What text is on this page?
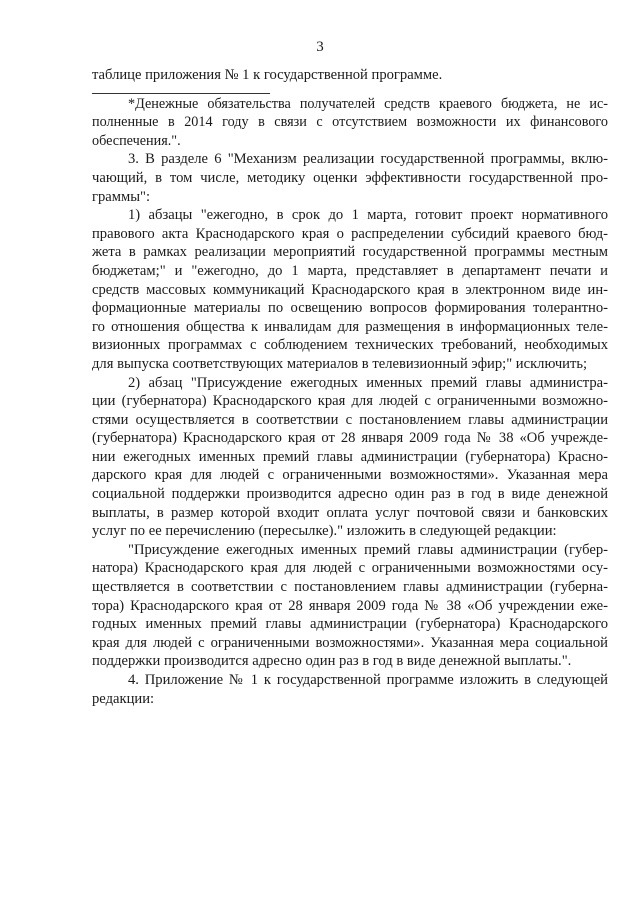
3
таблице приложения № 1 к государственной программе.
*Денежные обязательства получателей средств краевого бюджета, не ис-
полненные в 2014 году в связи с отсутствием возможности их финансового
обеспечения.".
3. В разделе 6 "Механизм реализации государственной программы, вклю-
чающий, в том числе, методику оценки эффективности государственной про-
граммы":
1) абзацы "ежегодно, в срок до 1 марта, готовит проект нормативного
правового акта Краснодарского края о распределении субсидий краевого бюд-
жета в рамках реализации мероприятий государственной программы местным
бюджетам;" и "ежегодно, до 1 марта, представляет в департамент печати и
средств массовых коммуникаций Краснодарского края в электронном виде ин-
формационные материалы по освещению вопросов формирования толерантно-
го отношения общества к инвалидам для размещения в информационных теле-
визионных программах с соблюдением технических требований, необходимых
для выпуска соответствующих материалов в телевизионный эфир;" исключить;
2) абзац "Присуждение ежегодных именных премий главы администра-
ции (губернатора) Краснодарского края для людей с ограниченными возможно-
стями осуществляется в соответствии с постановлением главы администрации
(губернатора) Краснодарского края от 28 января 2009 года № 38 «Об учрежде-
нии ежегодных именных премий главы администрации (губернатора) Красно-
дарского края для людей с ограниченными возможностями». Указанная мера
социальной поддержки производится адресно один раз в год в виде денежной
выплаты, в размер которой входит оплата услуг почтовой связи и банковских
услуг по ее перечислению (пересылке)." изложить в следующей редакции:
"Присуждение ежегодных именных премий главы администрации (губер-
натора) Краснодарского края для людей с ограниченными возможностями осу-
ществляется в соответствии с постановлением главы администрации (губерна-
тора) Краснодарского края от 28 января 2009 года № 38 «Об учреждении еже-
годных именных премий главы администрации (губернатора) Краснодарского
края для людей с ограниченными возможностями». Указанная мера социальной
поддержки производится адресно один раз в год в виде денежной выплаты.".
4. Приложение № 1 к государственной программе изложить в следующей
редакции:
